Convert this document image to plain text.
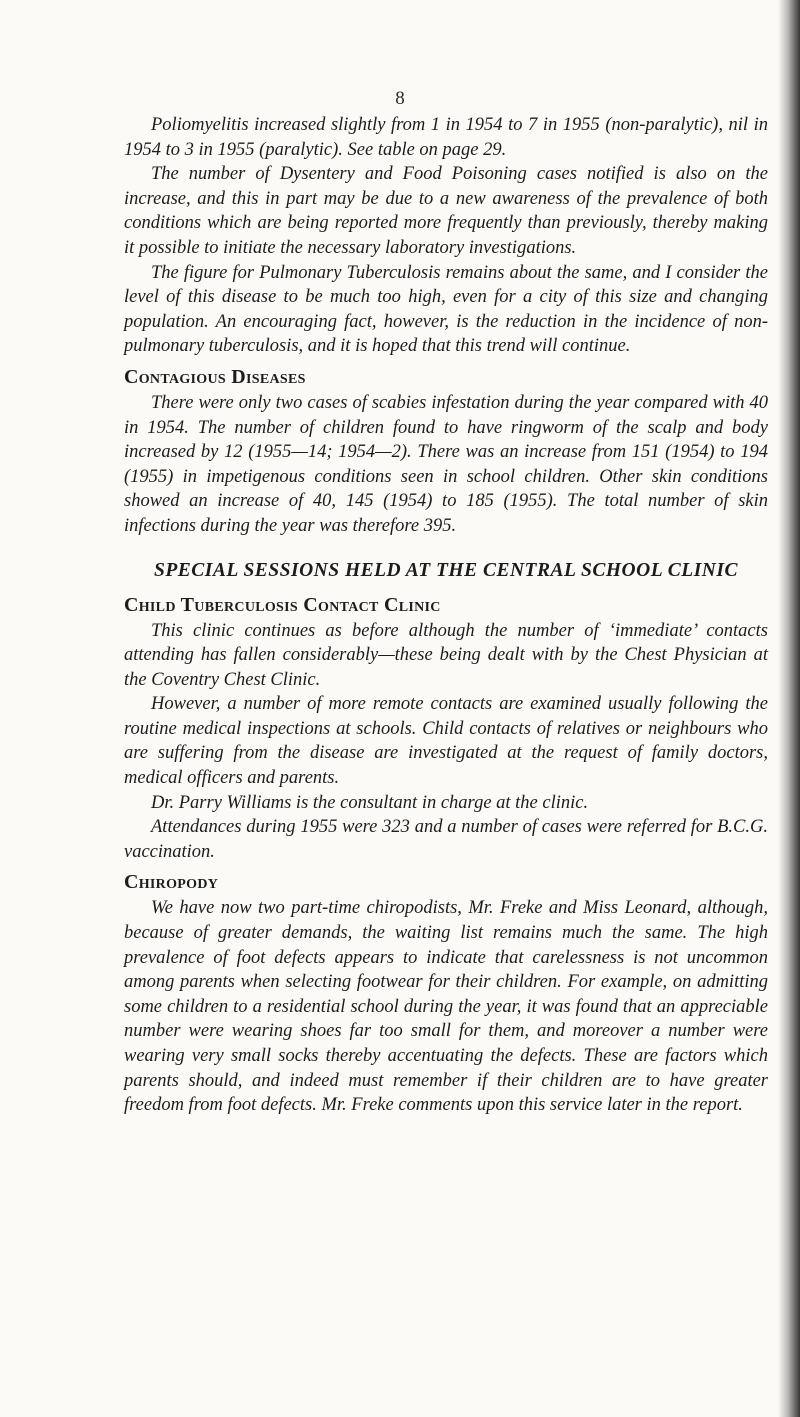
8

Poliomyelitis increased slightly from 1 in 1954 to 7 in 1955 (non-paralytic), nil in 1954 to 3 in 1955 (paralytic). See table on page 29.

The number of Dysentery and Food Poisoning cases notified is also on the increase, and this in part may be due to a new awareness of the prevalence of both conditions which are being reported more frequently than previously, thereby making it possible to initiate the necessary laboratory investigations.

The figure for Pulmonary Tuberculosis remains about the same, and I consider the level of this disease to be much too high, even for a city of this size and changing population. An encouraging fact, however, is the reduction in the incidence of non-pulmonary tuberculosis, and it is hoped that this trend will continue.

Contagious Diseases

There were only two cases of scabies infestation during the year compared with 40 in 1954. The number of children found to have ringworm of the scalp and body increased by 12 (1955—14; 1954—2). There was an increase from 151 (1954) to 194 (1955) in impetigenous conditions seen in school children. Other skin conditions showed an increase of 40, 145 (1954) to 185 (1955). The total number of skin infections during the year was therefore 395.

SPECIAL SESSIONS HELD AT THE CENTRAL SCHOOL CLINIC
Child Tuberculosis Contact Clinic

This clinic continues as before although the number of ‘immediate’ contacts attending has fallen considerably—these being dealt with by the Chest Physician at the Coventry Chest Clinic.

However, a number of more remote contacts are examined usually following the routine medical inspections at schools. Child contacts of relatives or neighbours who are suffering from the disease are investigated at the request of family doctors, medical officers and parents.

Dr. Parry Williams is the consultant in charge at the clinic.

Attendances during 1955 were 323 and a number of cases were referred for B.C.G. vaccination.

Chiropody

We have now two part-time chiropodists, Mr. Freke and Miss Leonard, although, because of greater demands, the waiting list remains much the same. The high prevalence of foot defects appears to indicate that carelessness is not uncommon among parents when selecting footwear for their children. For example, on admitting some children to a residential school during the year, it was found that an appreciable number were wearing shoes far too small for them, and moreover a number were wearing very small socks thereby accentuating the defects. These are factors which parents should, and indeed must remember if their children are to have greater freedom from foot defects. Mr. Freke comments upon this service later in the report.
